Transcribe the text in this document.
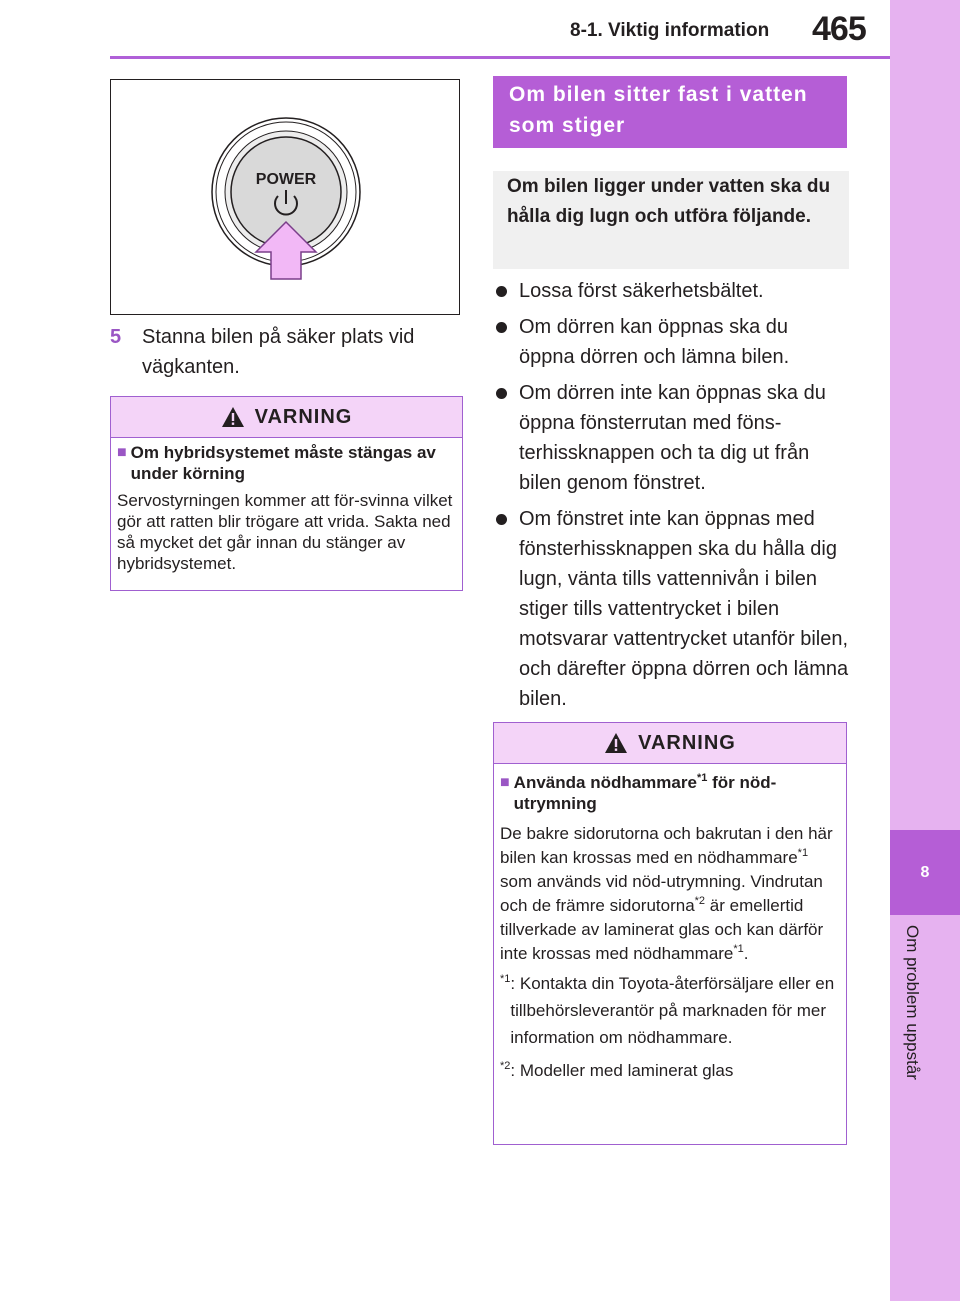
8-1. Viktig information 465
8
Om problem uppstår
POWER
5 Stanna bilen på säker plats vid vägkanten.
VARNING
■ Om hybridsystemet måste stängas av under körning
Servostyrningen kommer att för-svinna vilket gör att ratten blir trögare att vrida. Sakta ned så mycket det går innan du stänger av hybridsystemet.
Om bilen sitter fast i vatten som stiger
Om bilen ligger under vatten ska du hålla dig lugn och utföra följande.
Lossa först säkerhetsbältet.
Om dörren kan öppnas ska du öppna dörren och lämna bilen.
Om dörren inte kan öppnas ska du öppna fönsterrutan med föns-terhissknappen och ta dig ut från bilen genom fönstret.
Om fönstret inte kan öppnas med fönsterhissknappen ska du hålla dig lugn, vänta tills vattennivån i bilen stiger tills vattentrycket i bilen motsvarar vattentrycket utanför bilen, och därefter öppna dörren och lämna bilen.
VARNING
■ Använda nödhammare$^{*1}$ för nöd-utrymning
De bakre sidorutorna och bakrutan i den här bilen kan krossas med en nödhammare$^{*1}$ som används vid nöd-utrymning. Vindrutan och de främre sidorutorna$^{*2}$ är emellertid tillverkade av laminerat glas och kan därför inte krossas med nödhammare$^{*1}$.
$^{*1}$ : Kontakta din Toyota-återförsäljare eller en tillbehörsleverantör på marknaden för mer information om nödhammare.
$^{*2}$ : Modeller med laminerat glas
